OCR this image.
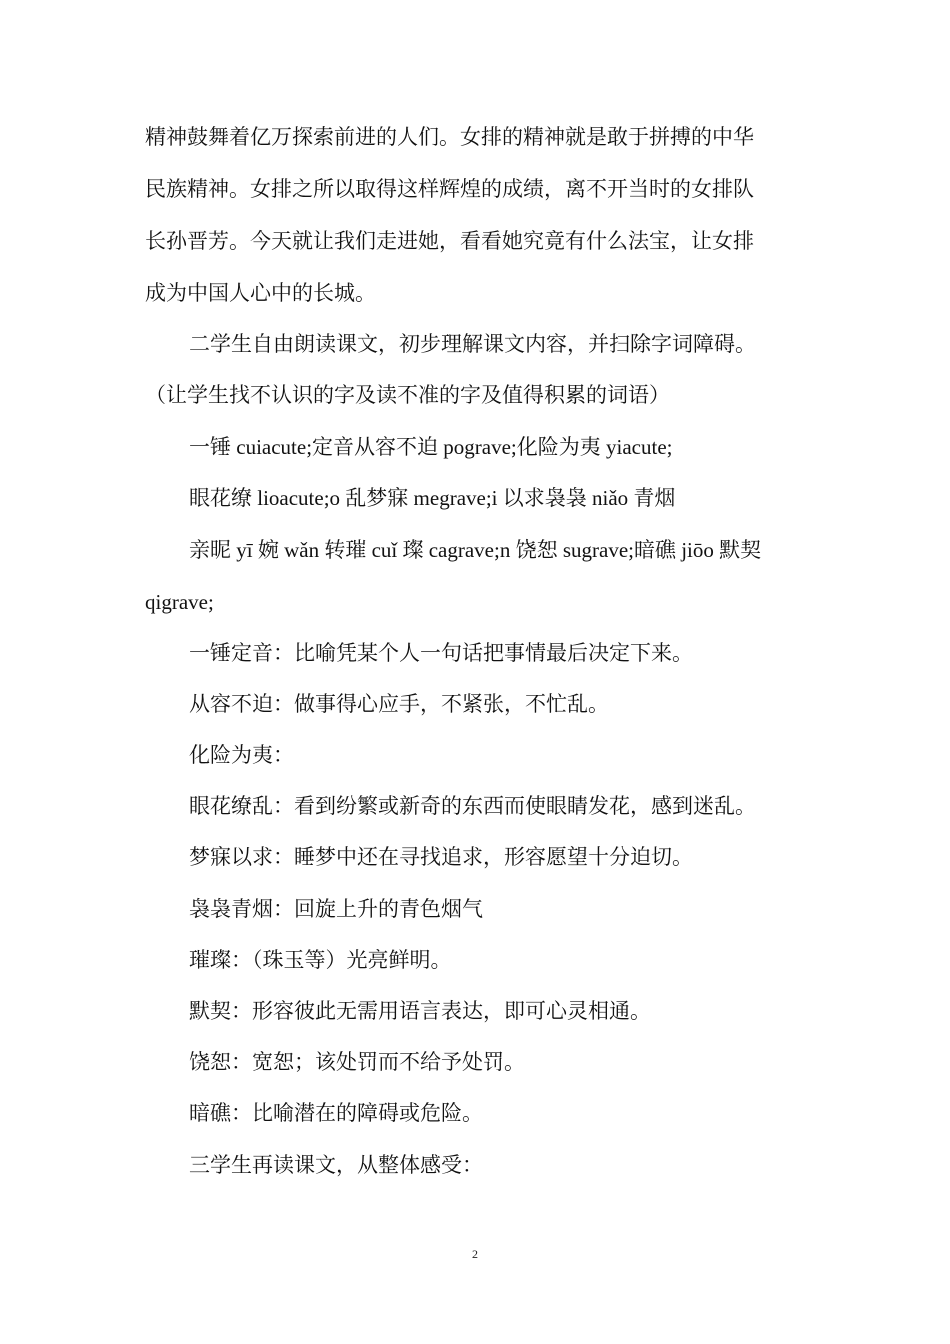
精神鼓舞着亿万探索前进的人们。女排的精神就是敢于拼搏的中华
民族精神。女排之所以取得这样辉煌的成绩，离不开当时的女排队
长孙晋芳。今天就让我们走进她，看看她究竟有什么法宝，让女排
成为中国人心中的长城。
二学生自由朗读课文，初步理解课文内容，并扫除字词障碍。
（让学生找不认识的字及读不准的字及值得积累的词语）
一锤 cuiacute;定音从容不迫 pograve;化险为夷 yiacute;
眼花缭 lioacute;o 乱梦寐 megrave;i 以求袅袅 niǎo 青烟
亲昵 yī 婉 wǎn 转璀 cuǐ 璨 cagrave;n 饶恕 sugrave;暗礁 jiōo 默契
qigrave;
一锤定音：比喻凭某个人一句话把事情最后决定下来。
从容不迫：做事得心应手，不紧张，不忙乱。
化险为夷：
眼花缭乱：看到纷繁或新奇的东西而使眼睛发花，感到迷乱。
梦寐以求：睡梦中还在寻找追求，形容愿望十分迫切。
袅袅青烟：回旋上升的青色烟气
璀璨：（珠玉等）光亮鲜明。
默契：形容彼此无需用语言表达，即可心灵相通。
饶恕：宽恕；该处罚而不给予处罚。
暗礁：比喻潜在的障碍或危险。
三学生再读课文，从整体感受：
2
